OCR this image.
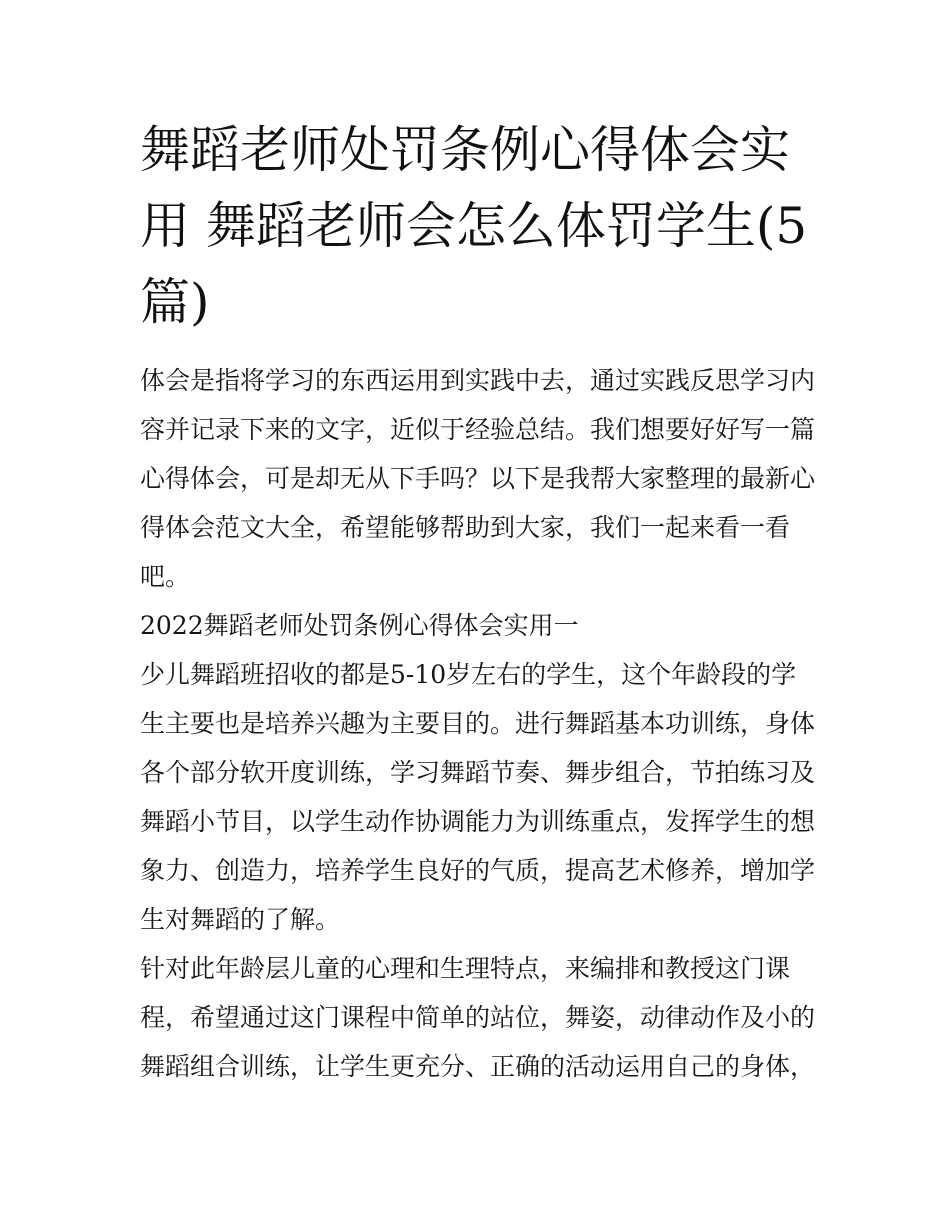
舞蹈老师处罚条例心得体会实用 舞蹈老师会怎么体罚学生(5篇)

体会是指将学习的东西运用到实践中去，通过实践反思学习内容并记录下来的文字，近似于经验总结。我们想要好好写一篇心得体会，可是却无从下手吗？以下是我帮大家整理的最新心得体会范文大全，希望能够帮助到大家，我们一起来看一看吧。

2022舞蹈老师处罚条例心得体会实用一

少儿舞蹈班招收的都是5-10岁左右的学生，这个年龄段的学生主要也是培养兴趣为主要目的。进行舞蹈基本功训练，身体各个部分软开度训练，学习舞蹈节奏、舞步组合，节拍练习及舞蹈小节目，以学生动作协调能力为训练重点，发挥学生的想象力、创造力，培养学生良好的气质，提高艺术修养，增加学生对舞蹈的了解。

针对此年龄层儿童的心理和生理特点，来编排和教授这门课程，希望通过这门课程中简单的站位，舞姿，动律动作及小的舞蹈组合训练，让学生更充分、正确的活动运用自己的身体，
